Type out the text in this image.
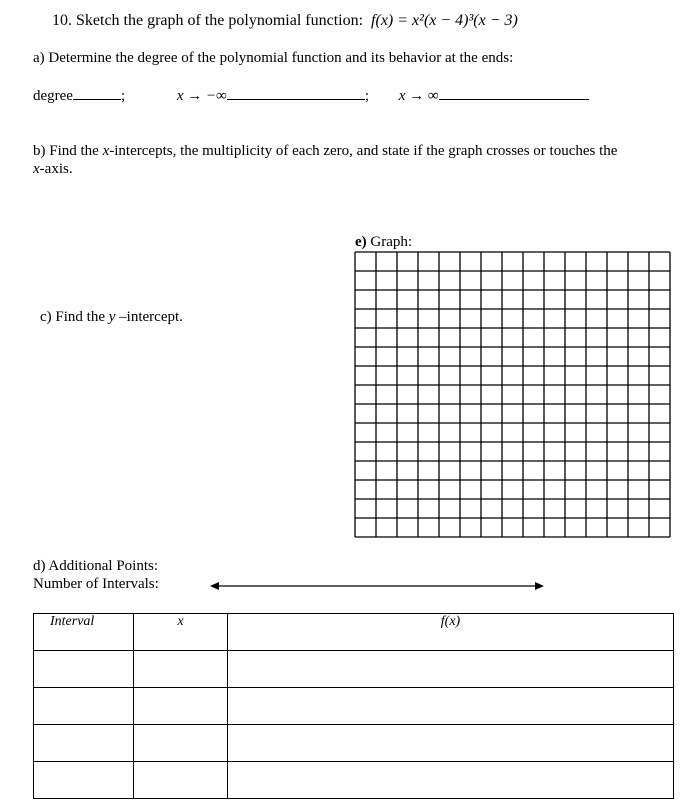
10. Sketch the graph of the polynomial function: f(x) = x²(x − 4)³(x − 3)
a) Determine the degree of the polynomial function and its behavior at the ends:
degree	;	x → −∞	; x → ∞
b) Find the x-intercepts, the multiplicity of each zero, and state if the graph crosses or touches the
x-axis.
e) Graph:
c) Find the y –intercept.
d) Additional Points:
Number of Intervals:
Interval	x	f(x)
